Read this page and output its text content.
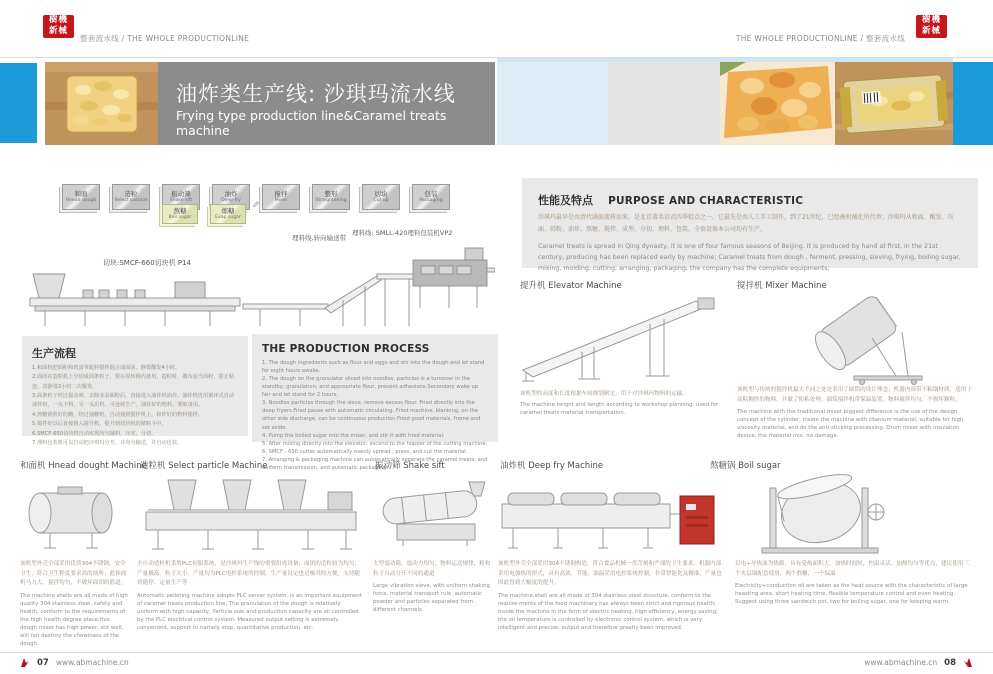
樹機
新械
整套流水线 / THE WHOLE PRODUCTIONLINE	THE WHOLE PRODUCTIONLINE / 整套流水线
樹機
新械
油炸类生产线: 沙琪玛流水线
Frying type production line&Caramel treats machine
和面
Hnead dough
— 造粒
Select particle
— 振动筛
Shake sift
— 油炸
Deep fry
— 搅拌
Mixer
— 整形
Straightening
— 切块
Cut up
— 包装
Packaging
熬糖
Boil sugar
— 炼糖
Evap sugar
✎
切块:SMCF-660切块机 P14
理料线.转向输送带
理料线: SMLL-420理料包装机VP2
生产流程
1.和面机把面粉和鸡蛋等配料搅拌混合成面团，静置醒发4小时。
2.面团在造粒机上分切成面条粒子，要在周转箱内备用。造粒时，撒布适当面粉，防止粘连，其静置2小时二次醒发。
3.面条粒子经过振动筛，去除多余面粉后，直接进入油炸机油炸。油炸机选用循环式自动油炸机，一头下料，另一头出料，可连续生产。油炸好的物料，要晾备用。
4.熬糖锅熬好的糖，经过抽糖机，自动抽到搅拌机上，和炸好的物料搅拌。
5.搅拌好以后直接倒入提升机，提升到切块机的储料斗中。
6.SMCF-650切块机自动实现均匀铺料，压实，分切。
7.理料包装机可以自动把沙琪玛分开，并均匀输送，并自动包装。
THE PRODUCTION PROCESS
1. The dough ingredients such as flour and eggs and stir into the dough and let stand for eight hours awake.
2. The dough on the granulator sliced into noodles, particles is a turnover in the standby, granulation, and appropriate flour, prevent adhesions.Secondary wake up fair and let stand for 2 hours.
3. Noodles particles through the sieve, remove excess flour. Fried directly into the deep fryers.Fried pause with automatic circulating. Fried machine, blanking, on the other side discharge, can be continuous production.Fried good materials, frame and set aside.
4. Pump the boiled sugar into the mixer, and stir it with fried material.
5. After mixing directly into the elevator, ascend to the hopper of the cutting machine.
6. SMCF - 650 cutter automatically evenly spread , press, and cut the material.
7. Arranging & packaging machine can automatically separate the caramel treats, and uniform transmission, and automatic packaging.
性能及特点 PURPOSE AND CHARACTERISTIC
沙琪玛最早是由清代满族流传而来，是北京著名京式四季糕点之一。它最先是由人工手工制作，到了21世纪，已经被机械化所代替；沙琪玛从和面、醒发、压面、筛粉、油炸、熬糖、搅拌、成型、分切、理料、包装，全套设备本公司均有生产。
Caramel treats is spread in Qing dynasty, it is one of four famous seasons of Beijing. It is produced by hand at first, in the 21st century, producing has been replaced early by machine; Caramel treats from dough , ferment, pressing, sieving, frying, boiling sugar, mixing, molding, cutting, arranging, packaging, the company has the complete equipments;
提升机 Elevator Machine
该机型的高度和长度根据车间规划制定，用于对沙琪玛物料的运输。
The machine height and length according to workshop planning, used for caramel treats material transportation.
搅拌机 Mixer Machine
该机型与传统的搅拌机最大不同之处是采用了圆筒的设计理念；机器内部带不粘锅材质，适用于高粘稠性的物料，并做了防粘处理。圆筒搅拌机带保温装置，物料搅拌均匀，不损坏颗粒。
The machine with the traditional mixer biggest difference is the use of the design concept of the cylinder; Inside the machine with titanium material, suitable for high viscosity material, and do the anti-sticking processing. Drum mixer with insulation device, the material mix, no damage.
和面机 Hnead dought Machine
造粒机 Select particle Machine	振动筛 Shake sift	油炸机 Deep fry Machine	熬糖锅 Boil sugar
该机型外壳全部采用优质304不锈钢，安全卫生，符合卫生程度要求高的场所；此和面机马力大、搅拌均匀，不破坏面团的筋道。
The machine shells are all made of high quality 304 stainless steel, safety and health, conform to the requirements of the high health degree place;this dough mixer has high power, stir well, will not destroy the chewiness of the dough.
全自动造粒机采用PLC伺服系统，是沙琪玛生产线的重要组成设备；面团的造粒较为均匀，产量极高。粒子大小、产量均为PLC电控系统所控制。生产量设定也是极其的方便，支持随到随停、定量生产等
Automatic pelleting machine adopts PLC server system, is an important equipment of caramel treats production line; The granulation of the dough is relatively uniform with high capacity, Particle size and production capacity are all controlled by the PLC electrical control system. Measured output setting is extremely convenient, support to namely stop, quantitative production, etc.
大型震动筛，震动力均匀，物料运送规律，粉和粒子自动分开不同的通道
Large vibration sieve, with uniform shaking force, material transport rule, automatic powder and particles separated from different channels.
该机型外壳全部采用304不锈钢构造，符合食品机械一贯苛刻和严谨的卫生要求。机器内部采用电加热的形式，具有高效、节能；油温采用电控系统控制，非常智能化及精准，产量也因此得到大幅度的提升。
The machine shell are all made of 304 stainless steel structure, conform to the require-ments of the food machinery has always been strict and rigorous health; Inside the machine in the form of electric heating, high efficiency, energy saving; the oil temperature is controlled by electronic control system, which is very intelligent and precise, output and therefore greatly been improved.
以电+导热油为热源，具有受热面积大，加热时间短，控温灵活，加热均匀等优点，建议使用三个夹层锅配套使用，两个熬糖，一个保温
Electricity+conduction oil are taken as the heat source with the characteristic of large heasting area, short heating time, flexible temperature control and even heating. Suggest using three sandwich pot, two for boiling sugar, one for keeping warm.
07 www.abmachine.cn	www.abmachine.cn 08
